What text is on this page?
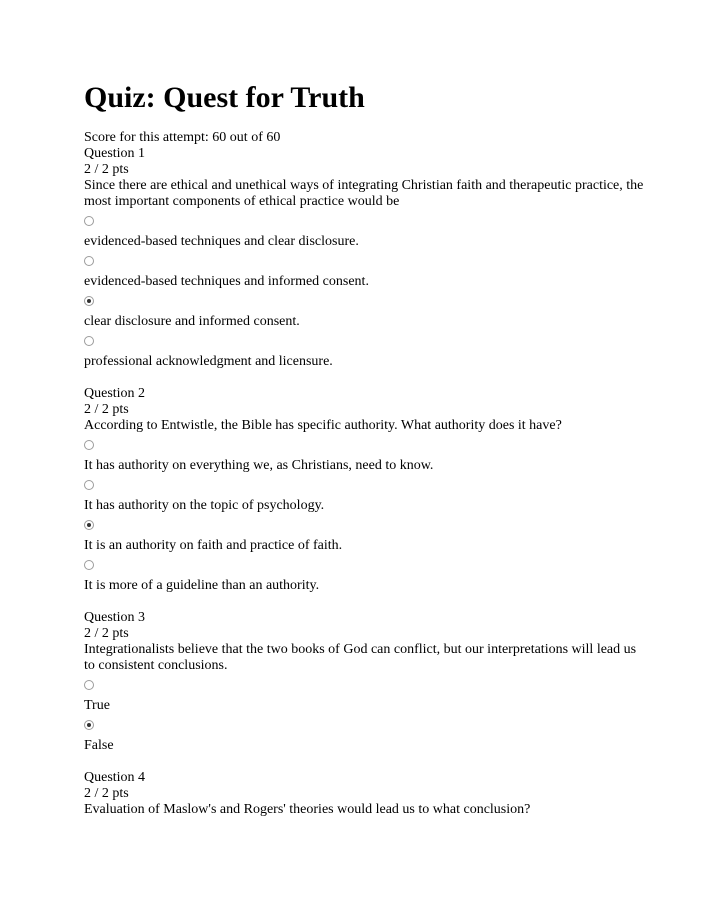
Quiz: Quest for Truth
Score for this attempt: 60 out of 60
Question 1
2 / 2 pts
Since there are ethical and unethical ways of integrating Christian faith and therapeutic practice, the most important components of ethical practice would be
evidenced-based techniques and clear disclosure.
evidenced-based techniques and informed consent.
clear disclosure and informed consent.
professional acknowledgment and licensure.
Question 2
2 / 2 pts
According to Entwistle, the Bible has specific authority. What authority does it have?
It has authority on everything we, as Christians, need to know.
It has authority on the topic of psychology.
It is an authority on faith and practice of faith.
It is more of a guideline than an authority.
Question 3
2 / 2 pts
Integrationalists believe that the two books of God can conflict, but our interpretations will lead us to consistent conclusions.
True
False
Question 4
2 / 2 pts
Evaluation of Maslow's and Rogers' theories would lead us to what conclusion?
